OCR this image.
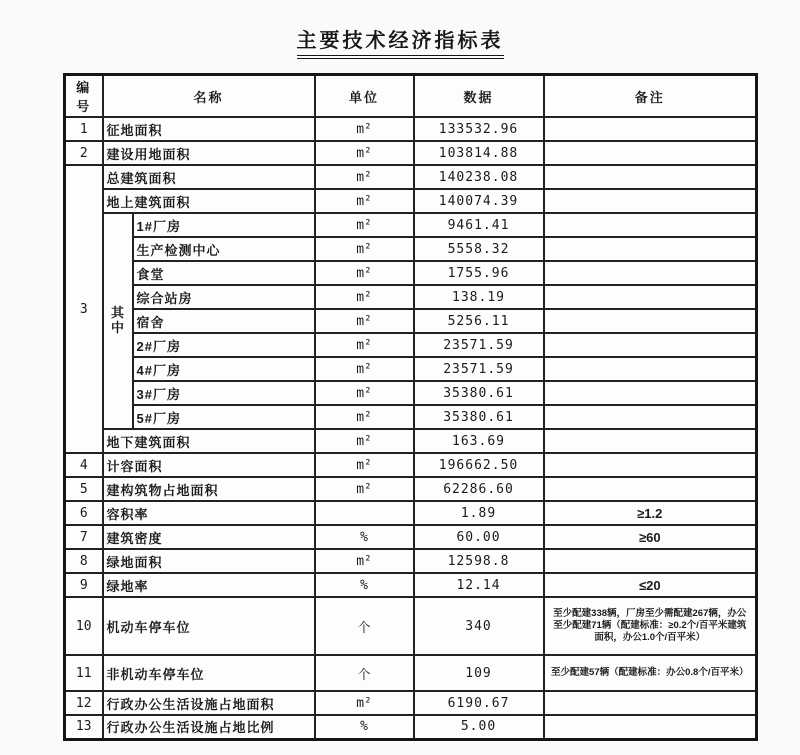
主要技术经济指标表
编号	名称		单位	数据	备注
1	征地面积		m²	133532.96	
2	建设用地面积		m²	103814.88	
3	总建筑面积		m²	140238.08	
	地上建筑面积		m²	140074.39	
	其中	1#厂房	m²	9461.41	
		生产检测中心	m²	5558.32	
		食堂	m²	1755.96	
		综合站房	m²	138.19	
		宿舍	m²	5256.11	
		2#厂房	m²	23571.59	
		4#厂房	m²	23571.59	
		3#厂房	m²	35380.61	
		5#厂房	m²	35380.61	
	地下建筑面积		m²	163.69	
4	计容面积		m²	196662.50	
5	建构筑物占地面积		m²	62286.60	
6	容积率			1.89	≥1.2
7	建筑密度		%	60.00	≥60
8	绿地面积		m²	12598.8	
9	绿地率		%	12.14	≤20
10	机动车停车位		个	340	至少配建338辆，厂房至少需配建267辆，办公至少配建71辆（配建标准：≥0.2个/百平米建筑面积，办公1.0个/百平米）
11	非机动车停车位		个	109	至少配建57辆（配建标准：办公0.8个/百平米）
12	行政办公生活设施占地面积		m²	6190.67	
13	行政办公生活设施占地比例		%	5.00	
